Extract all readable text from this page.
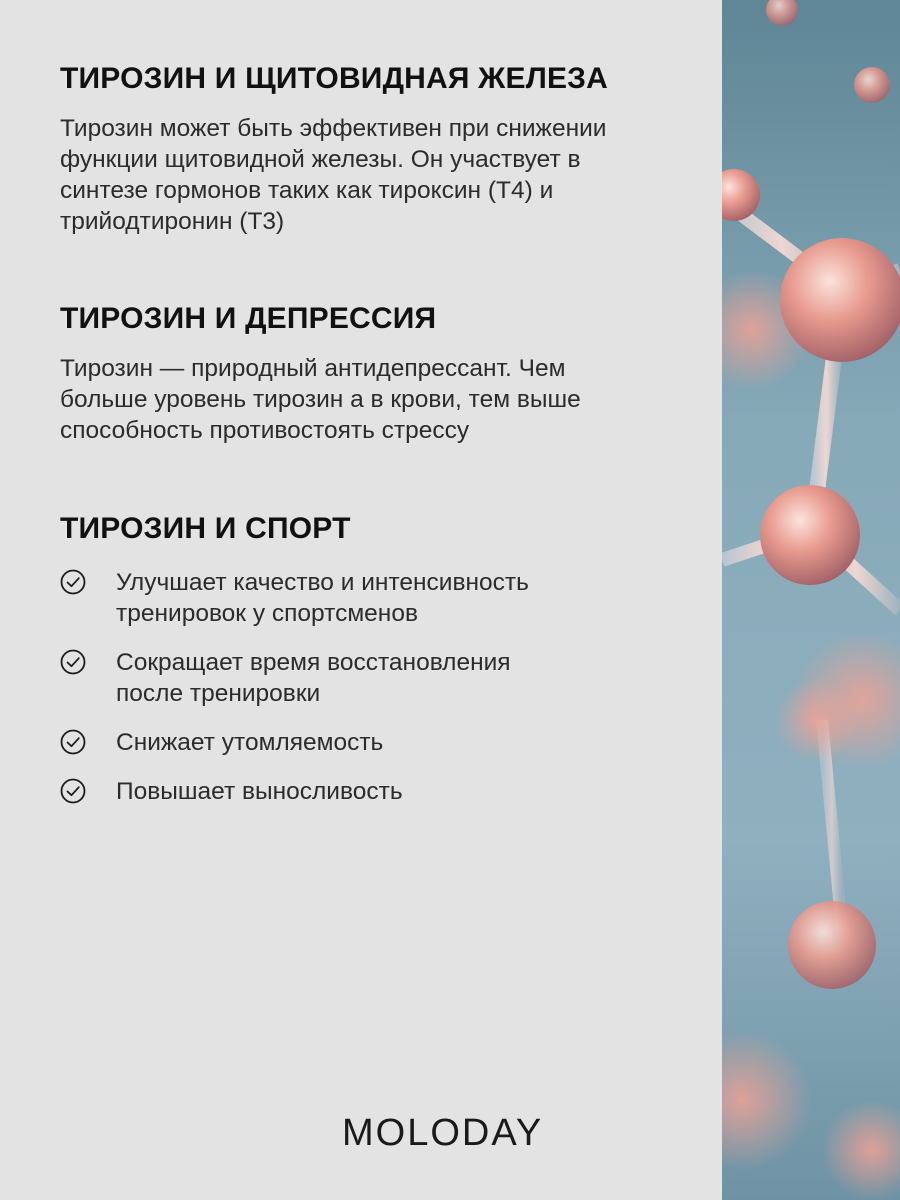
ТИРОЗИН И ЩИТОВИДНАЯ ЖЕЛЕЗА

Тирозин может быть эффективен при снижении функции щитовидной железы. Он участвует в синтезе гормонов таких как тироксин (Т4) и трийодтиронин (Т3)

ТИРОЗИН И ДЕПРЕССИЯ

Тирозин — природный антидепрессант. Чем больше уровень тирозин а в крови, тем выше способность противостоять стрессу

ТИРОЗИН И СПОРТ
Улучшает качество и интенсивность тренировок у спортсменов
Сокращает время восстановления после тренировки
Снижает утомляемость
Повышает выносливость
MOLODAY
